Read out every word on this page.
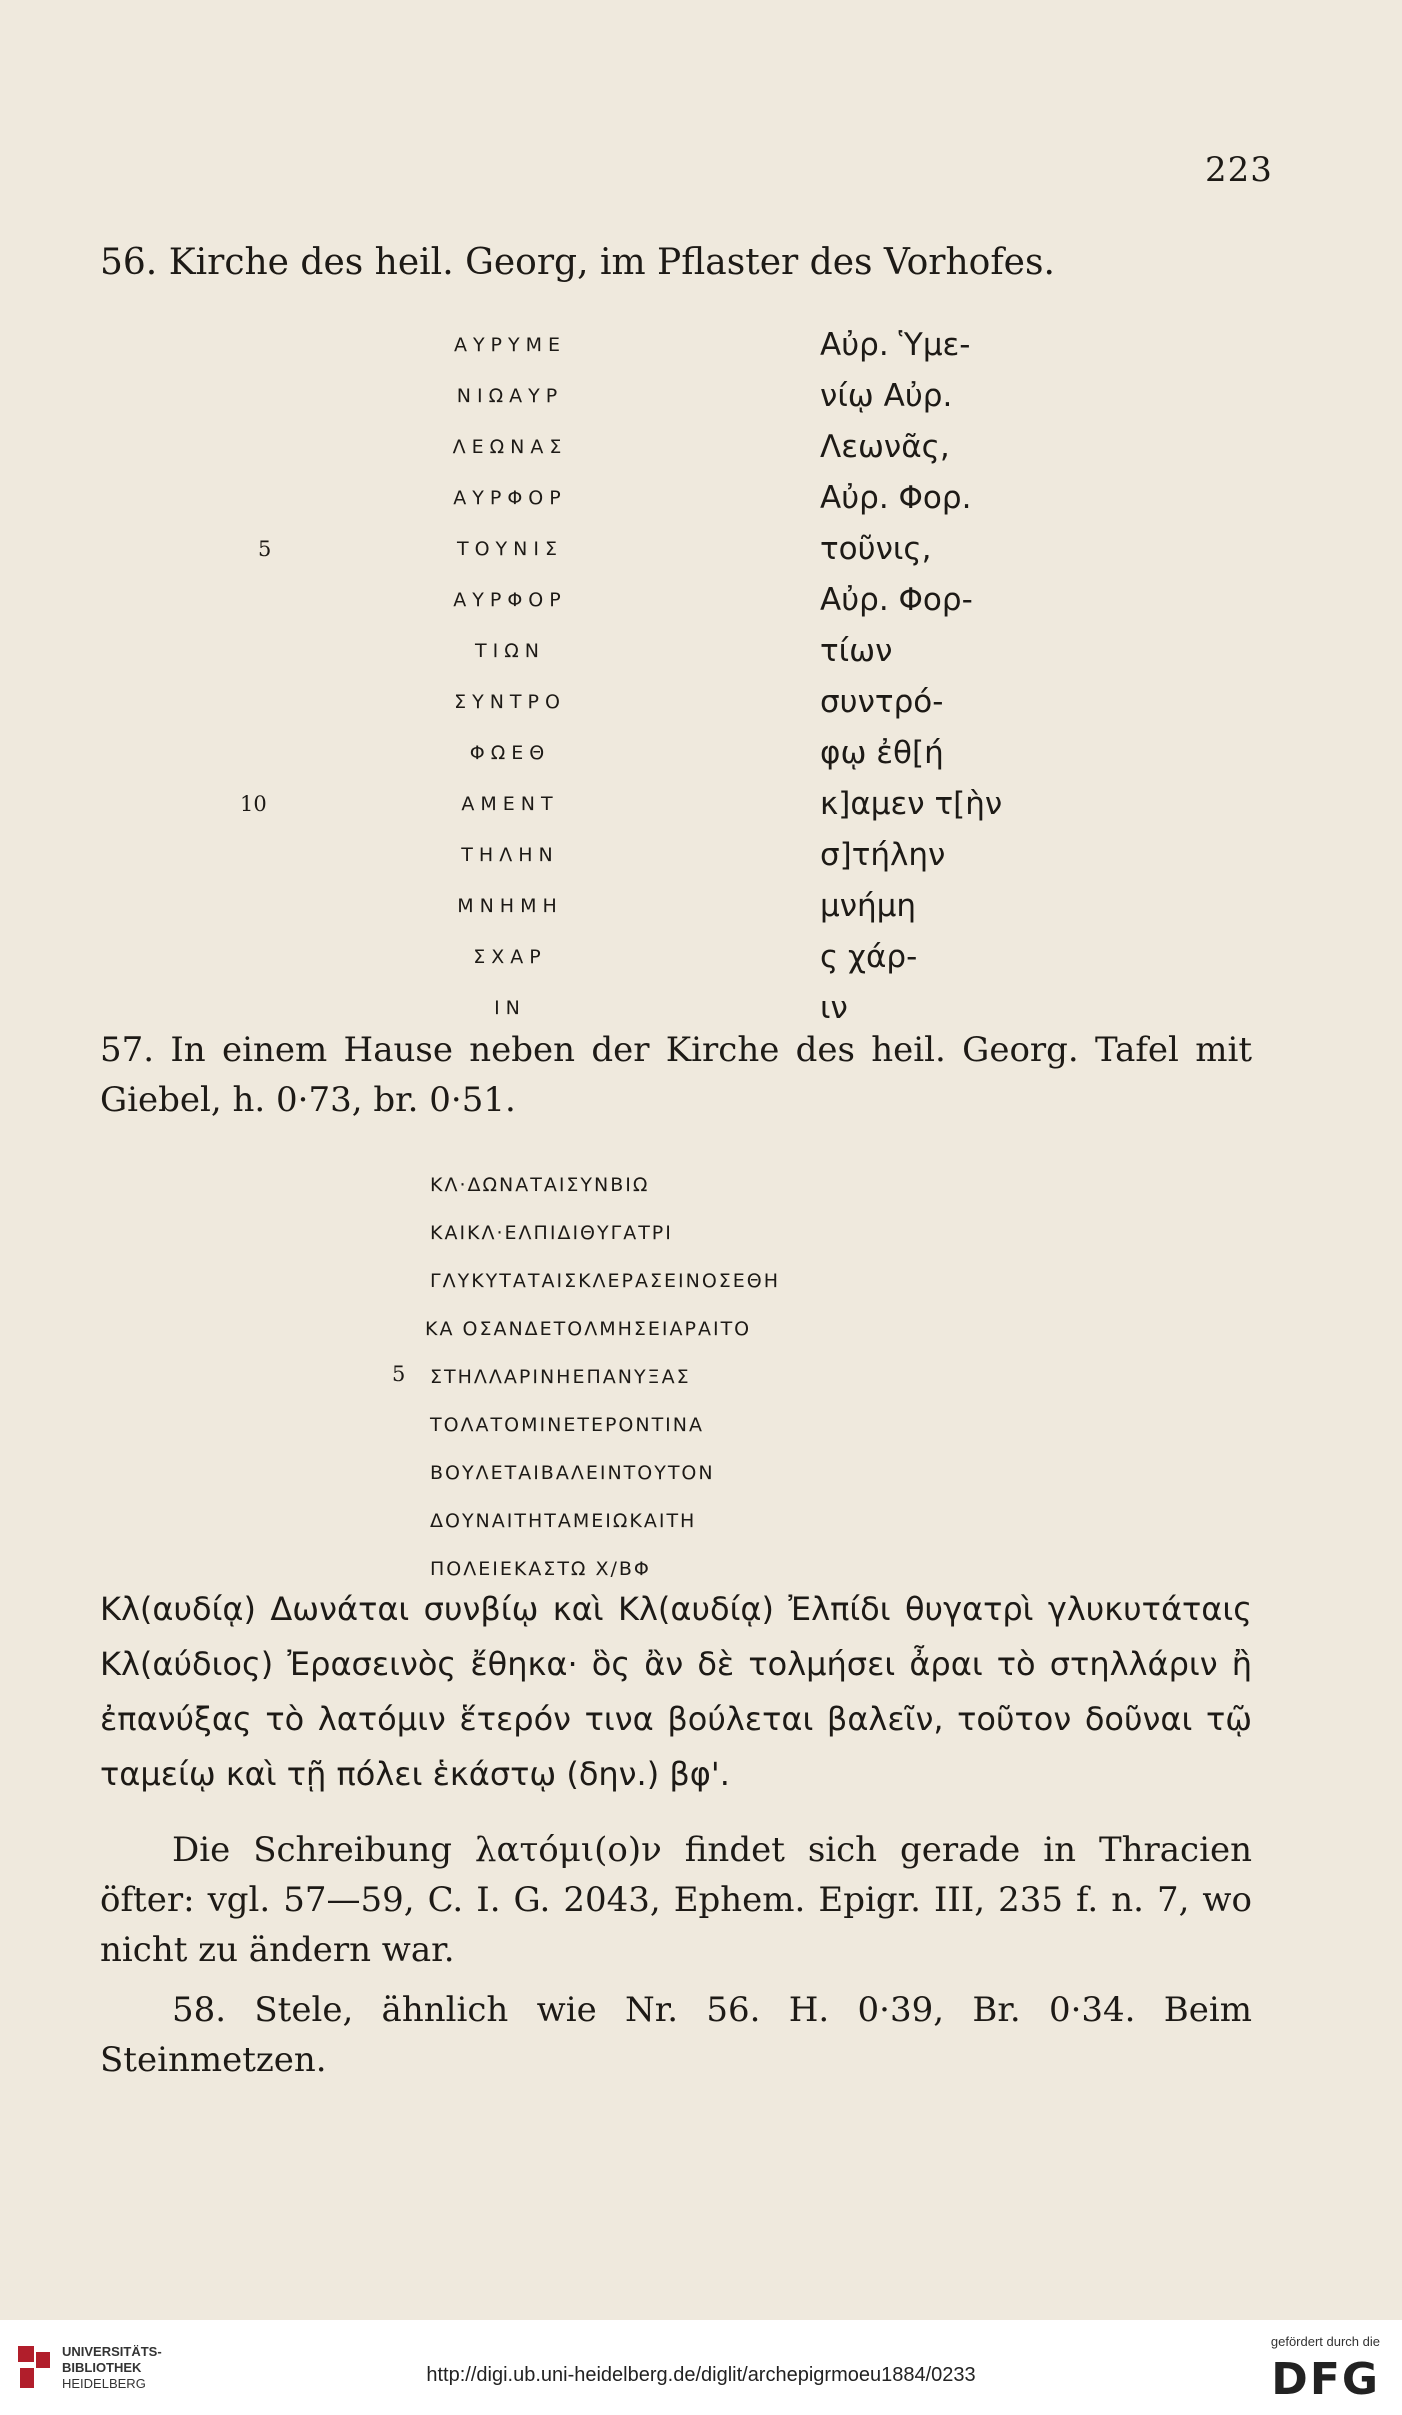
223
56. Kirche des heil. Georg, im Pflaster des Vorhofes.
ΑΥΡΥΜΕ	Αὐρ. Ὑμε-
ΝΙΩΑΥΡ	νίῳ Αὐρ.
ΛΕΩΝΑΣ	Λεωνᾶς,
ΑΥΡΦΟΡ	Αὐρ. Φορ.
5	ΤΟΥΝΙΣ	τοῦνις,
ΑΥΡΦΟΡ	Αὐρ. Φορ-
ΤΙΩΝ	τίων
ΣΥΝΤΡΟ	συντρό-
ΦΩΕΘ	φῳ ἐθ[ή
10	ΑΜΕΝΤ	κ]αμεν τ[ὴν
ΤΗΛΗΝ	σ]τήλην
ΜΝΗΜΗ	μνήμη
ΣΧΑΡ	ς χάρ-
ΙΝ	ιν
57. In einem Hause neben der Kirche des heil. Georg. Tafel mit Giebel, h. 0·73, br. 0·51.
ΚΛ·ΔΩΝΑΤΑΙΣΥΝΒΙΩ
ΚΑΙΚΛ·ΕΛΠΙΔΙΘΥΓΑΤΡΙ
ΓΛΥΚΥΤΑΤΑΙΣΚΛΕΡΑΣΕΙΝΟΣΕΘΗ
ΚΑ ΟΣΑΝΔΕΤΟΛΜΗΣΕΙΑΡΑΙΤΟ
5 ΣΤΗΛΛΑΡΙΝΗΕΠΑΝΥΞΑΣ
ΤΟΛΑΤΟΜΙΝΕΤΕΡΟΝΤΙΝΑ
ΒΟΥΛΕΤΑΙΒΑΛΕΙΝΤΟΥΤΟΝ
ΔΟΥΝΑΙΤΗΤΑΜΕΙΩΚΑΙΤΗ
ΠΟΛΕΙΕΚΑΣΤΩ Χ/ΒΦ
Κλ(αυδίᾳ) Δωνάται συνβίῳ καὶ Κλ(αυδίᾳ) Ἐλπίδι θυγατρὶ γλυκυτάταις Κλ(αύδιος) Ἐρασεινὸς ἔθηκα· ὃς ἂν δὲ τολμήσει ἆραι τὸ στηλλάριν ἢ ἐπανύξας τὸ λατόμιν ἕτερόν τινα βούλεται βαλεῖν, τοῦτον δοῦναι τῷ ταμείῳ καὶ τῇ πόλει ἑκάστῳ (δην.) βφ'.
Die Schreibung λατόμι(ο)ν findet sich gerade in Thracien öfter: vgl. 57—59, C. I. G. 2043, Ephem. Epigr. III, 235 f. n. 7, wo nicht zu ändern war.
58. Stele, ähnlich wie Nr. 56. H. 0·39, Br. 0·34. Beim Steinmetzen.
UNIVERSITÄTS-
BIBLIOTHEK
HEIDELBERG	http://digi.ub.uni-heidelberg.de/diglit/archepigrmoeu1884/0233
gefördert durch die
DFG
